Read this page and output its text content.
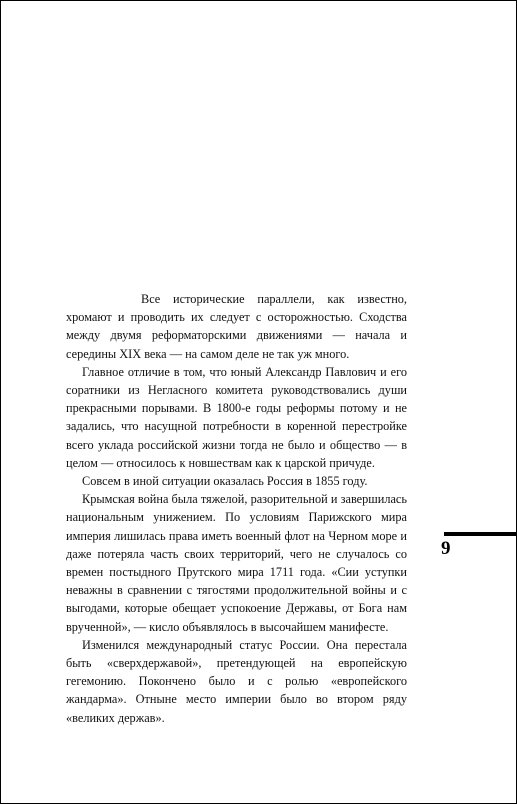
Все исторические параллели, как известно, хромают и проводить их следует с осторожностью. Сходства между двумя реформаторскими движениями — начала и середины XIX века — на самом деле не так уж много.

Главное отличие в том, что юный Александр Павлович и его соратники из Негласного комитета руководствовались души прекрасными порывами. В 1800-е годы реформы потому и не задались, что насущной потребности в коренной перестройке всего уклада российской жизни тогда не было и общество — в целом — относилось к новшествам как к царской причуде.

Совсем в иной ситуации оказалась Россия в 1855 году.

Крымская война была тяжелой, разорительной и завершилась национальным унижением. По условиям Парижского мира империя лишилась права иметь военный флот на Черном море и даже потеряла часть своих территорий, чего не случалось со времен постыдного Прутского мира 1711 года. «Сии уступки неважны в сравнении с тягостями продолжительной войны и с выгодами, которые обещает успокоение Державы, от Бога нам врученной», — кисло объявлялось в высочайшем манифесте.

Изменился международный статус России. Она перестала быть «сверхдержавой», претендующей на европейскую гегемонию. Покончено было и с ролью «европейского жандарма». Отныне место империи было во втором ряду «великих держав».

9
